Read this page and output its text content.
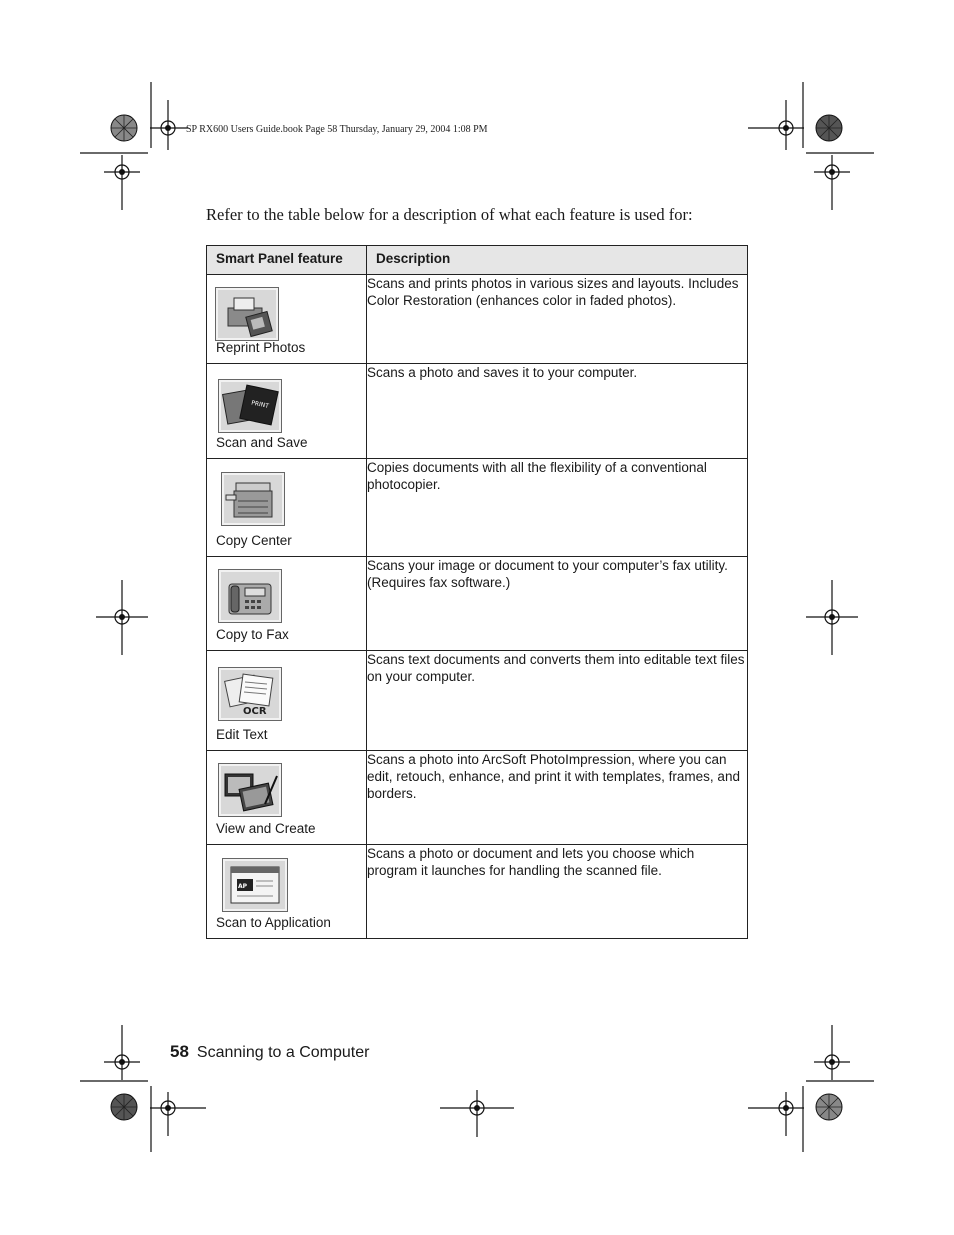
SP RX600 Users Guide.book Page 58 Thursday, January 29, 2004 1:08 PM
Refer to the table below for a description of what each feature is used for:
Smart Panel feature	Description

Reprint Photos	Scans and prints photos in various sizes and layouts. Includes Color Restoration (enhances color in faded photos).

PRINT
Scan and Save	Scans a photo and saves it to your computer.

Copy Center	Copies documents with all the flexibility of a conventional photocopier.

Copy to Fax	Scans your image or document to your computer’s fax utility. (Requires fax software.)

OCR
Edit Text	Scans text documents and converts them into editable text files on your computer.

View and Create	Scans a photo into ArcSoft PhotoImpression, where you can edit, retouch, enhance, and print it with templates, frames, and borders.

AP
Scan to Application	Scans a photo or document and lets you choose which program it launches for handling the scanned file.
58 Scanning to a Computer
